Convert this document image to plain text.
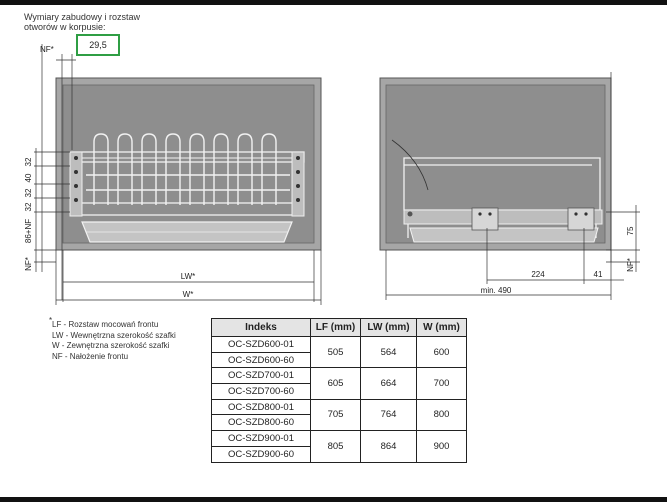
Wymiary zabudowy i rozstaw
otworów w korpusie:
NF*
32
40
32
32
86+NF
NF*
LW*
W*
224	41
75
NF*
min. 490
29,5
* LF - Rozstaw mocowań frontu
LW - Wewnętrzna szerokość szafki
W - Zewnętrzna szerokość szafki
NF - Nałożenie frontu
Indeks	LF (mm)	LW (mm)	W (mm)
OC-SZD600-01	505	564	600
OC-SZD600-60			
OC-SZD700-01	605	664	700
OC-SZD700-60			
OC-SZD800-01	705	764	800
OC-SZD800-60			
OC-SZD900-01	805	864	900
OC-SZD900-60			
